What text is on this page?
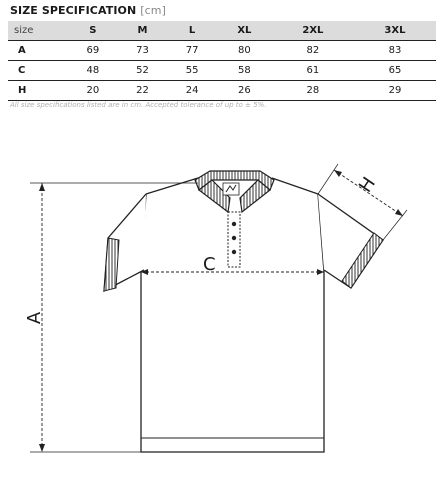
SIZE SPECIFICATION [cm]
size	S	M	L	XL	2XL	3XL
A	69	73	77	80	82	83
C	48	52	55	58	61	65
H	20	22	24	26	28	29
All size specifications listed are in cm. Accepted tolerance of up to ± 5%.
C
A
H
